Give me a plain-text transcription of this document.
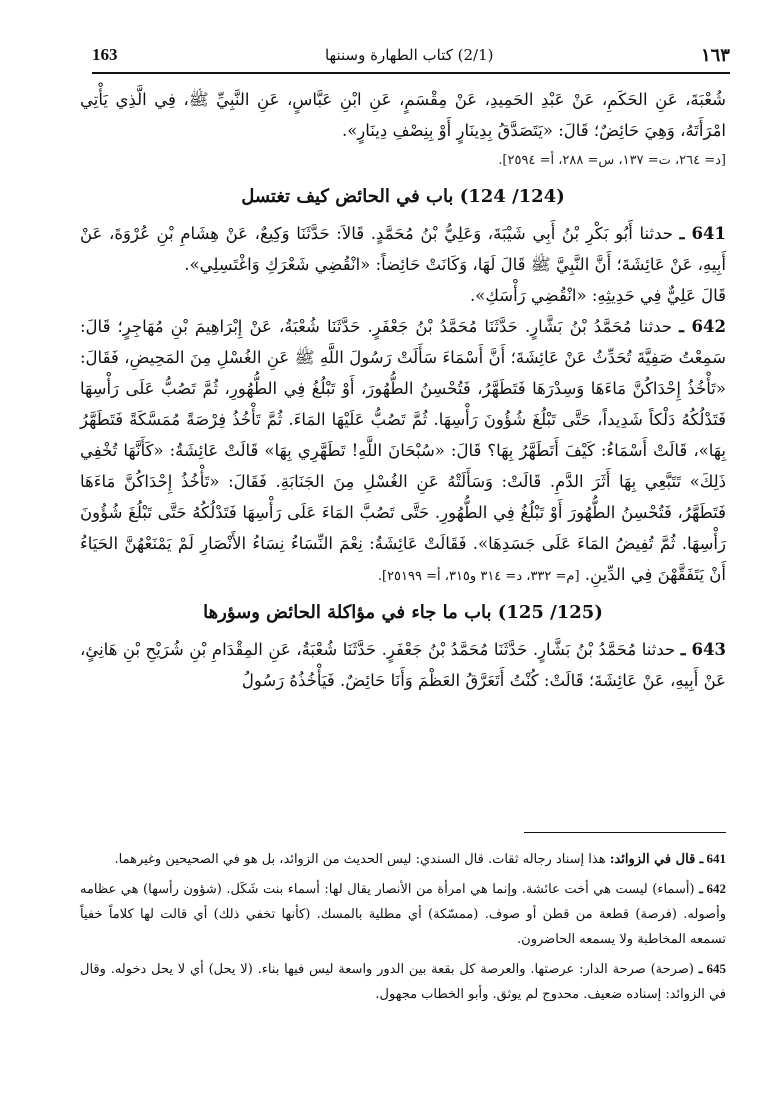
163	(2/1) كتاب الطهارة وسننها	١٦٣

شُعْبَةَ، عَنِ الحَكَمِ، عَنْ عَبْدِ الحَمِيدِ، عَنْ مِقْسَمٍ، عَنِ ابْنِ عَبَّاسٍ، عَنِ النَّبِيِّ ﷺ، فِي الَّذِي يَأْتِي امْرَأَتَهُ، وَهِيَ حَائِضٌ؛ قَالَ: «يَتَصَدَّقُ بِدِينَارٍ أَوْ بِنِصْفِ دِينَارٍ».

[د= ٢٦٤، ت= ١٣٧، س= ٢٨٨، أ= ٢٥٩٤].

(124/ 124) باب في الحائض كيف تغتسل

641 ـ حدثنا أَبُو بَكْرِ بْنُ أَبِي شَيْبَةَ، وَعَلِيُّ بْنُ مُحَمَّدٍ. قَالاَ: حَدَّثَنَا وَكِيعٌ، عَنْ هِشَامِ بْنِ عُرْوَةَ، عَنْ أَبِيهِ، عَنْ عَائِشَةَ؛ أَنَّ النَّبِيَّ ﷺ قَالَ لَهَا، وَكَانَتْ حَائِضاً: «انْقُضِي شَعْرَكِ وَاغْتَسِلِي».

قَالَ عَلِيٌّ فِي حَدِيثِهِ: «انْقُضِي رَأْسَكِ».

642 ـ حدثنا مُحَمَّدُ بْنُ بَشَّارٍ. حَدَّثَنَا مُحَمَّدُ بْنُ جَعْفَرٍ. حَدَّثَنَا شُعْبَةُ، عَنْ إِبْرَاهِيمَ بْنِ مُهَاجِرٍ؛ قَالَ: سَمِعْتُ صَفِيَّةَ تُحَدِّثُ عَنْ عَائِشَةَ؛ أَنَّ أَسْمَاءَ سَأَلَتْ رَسُولَ اللَّهِ ﷺ عَنِ الغُسْلِ مِنَ المَحِيضِ، فَقَالَ: «تَأْخُذُ إِحْدَاكُنَّ مَاءَهَا وَسِدْرَهَا فَتَطَهَّرُ، فَتُحْسِنُ الطُّهُورَ، أَوْ تَبْلُغُ فِي الطُّهُورِ، ثُمَّ تَصُبُّ عَلَى رَأْسِهَا فَتَدْلُكُهُ دَلْكاً شَدِيداً، حَتَّى تَبْلُغَ شُؤُونَ رَأْسِهَا. ثُمَّ تَصُبُّ عَلَيْهَا المَاءَ. ثُمَّ تَأْخُذُ فِرْصَةً مُمَسَّكَةً فَتَطَهَّرُ بِهَا»، قَالَتْ أَسْمَاءُ: كَيْفَ أَتَطَهَّرُ بِهَا؟ قَالَ: «سُبْحَانَ اللَّهِ! تَطَهَّرِي بِهَا» قَالَتْ عَائِشَةُ: «كَأَنَّهَا تُخْفِي ذَلِكَ» تَتَبَّعِي بِهَا أَثَرَ الدَّمِ. قَالَتْ: وَسَأَلَتْهُ عَنِ الغُسْلِ مِنَ الجَنَابَةِ. فَقَالَ: «تَأْخُذُ إِحْدَاكُنَّ مَاءَهَا فَتَطَهَّرُ، فَتُحْسِنُ الطُّهُورَ أَوْ تَبْلُغُ فِي الطُّهُورِ. حَتَّى تَصُبَّ المَاءَ عَلَى رَأْسِهَا فَتَدْلُكُهُ حَتَّى تَبْلُغَ شُؤُونَ رَأْسِهَا. ثُمَّ تُفِيضُ المَاءَ عَلَى جَسَدِهَا». فَقَالَتْ عَائِشَةُ: نِعْمَ النِّسَاءُ نِسَاءُ الأَنْصَارِ لَمْ يَمْنَعْهُنَّ الحَيَاءُ أَنْ يَتَفَقَّهْنَ فِي الدِّينِ. [م= ٣٣٢، د= ٣١٤ و٣١٥، أ= ٢٥١٩٩].

(125/ 125) باب ما جاء في مؤاكلة الحائض وسؤرها

643 ـ حدثنا مُحَمَّدُ بْنُ بَشَّارٍ. حَدَّثَنَا مُحَمَّدُ بْنُ جَعْفَرٍ. حَدَّثَنَا شُعْبَةُ، عَنِ المِقْدَامِ بْنِ شُرَيْحِ بْنِ هَانِئٍ، عَنْ أَبِيهِ، عَنْ عَائِشَةَ؛ قَالَتْ: كُنْتُ أَتَعَرَّقُ العَظْمَ وَأَنَا حَائِضٌ. فَيَأْخُذُهُ رَسُولُ

641 ـ قال في الزوائد: هذا إسناد رجاله ثقات. قال السندي: ليس الحديث من الزوائد، بل هو في الصحيحين وغيرهما.

642 ـ (أسماء) ليست هي أخت عائشة. وإنما هي امرأة من الأنصار يقال لها: أسماء بنت شَكَل. (شؤون رأسها) هي عظامه وأصوله. (فرصة) قطعة من قطن أو صوف. (ممسّكة) أي مطلية بالمسك. (كأنها تخفي ذلك) أي قالت لها كلاماً خفياً تسمعه المخاطبة ولا يسمعه الحاضرون.

645 ـ (صرحة) صرحة الدار: عرصتها. والعرصة كل بقعة بين الدور واسعة ليس فيها بناء. (لا يحل) أي لا يحل دخوله. وقال في الزوائد: إسناده ضعيف. محدوج لم يوثق. وأبو الخطاب مجهول.
